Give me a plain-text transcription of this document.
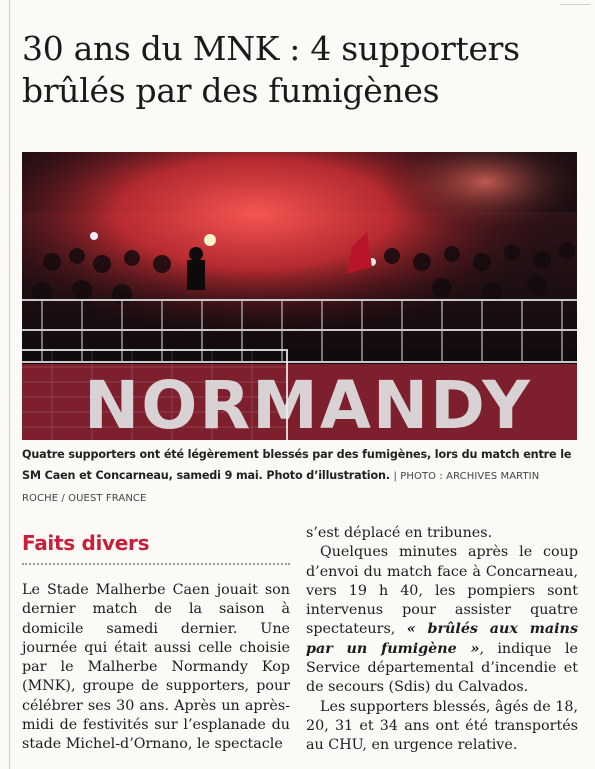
30 ans du MNK : 4 supporters brûlés par des fumigènes
NORMANDY
Quatre supporters ont été légèrement blessés par des fumigènes, lors du match entre le SM Caen et Concarneau, samedi 9 mai. Photo d’illustration. | PHOTO : ARCHIVES MARTIN ROCHE / OUEST FRANCE
Faits divers

Le Stade Malherbe Caen jouait son dernier match de la saison à domicile samedi dernier. Une journée qui était aussi celle choisie par le Malherbe Normandy Kop (MNK), groupe de supporters, pour célébrer ses 30 ans. Après un après-midi de festivités sur l’esplanade du stade Michel-d’Ornano, le spectacle

s’est déplacé en tribunes.

Quelques minutes après le coup d’envoi du match face à Concarneau, vers 19 h 40, les pompiers sont intervenus pour assister quatre spectateurs, « brûlés aux mains par un fumigène », indique le Service départemental d’incendie et de secours (Sdis) du Calvados.

Les supporters blessés, âgés de 18, 20, 31 et 34 ans ont été transportés au CHU, en urgence relative.
